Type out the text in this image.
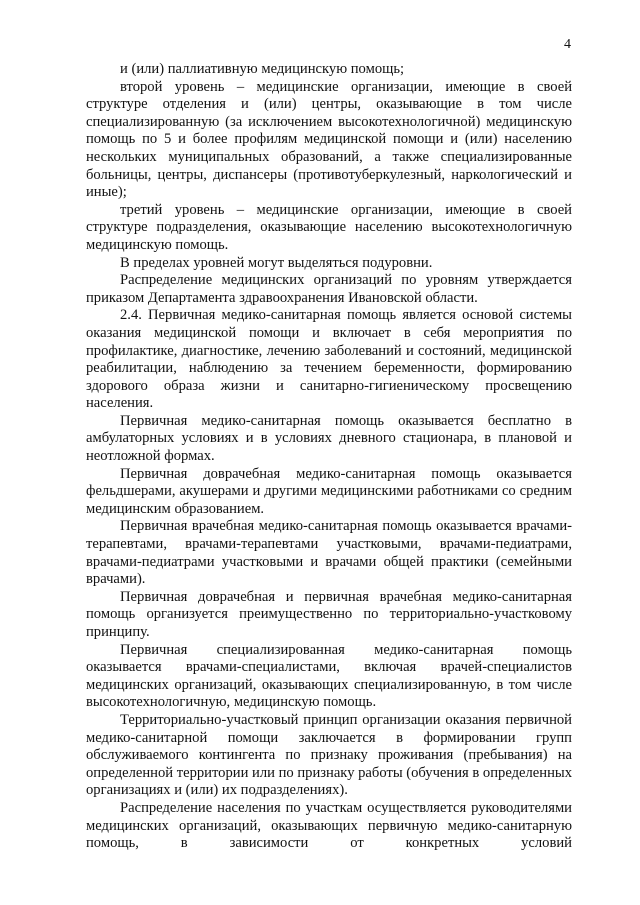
4

и (или) паллиативную медицинскую помощь;

второй уровень – медицинские организации, имеющие в своей структуре отделения и (или) центры, оказывающие в том числе специализированную (за исключением высокотехнологичной) медицинскую помощь по 5 и более профилям медицинской помощи и (или) населению нескольких муниципальных образований, а также специализированные больницы, центры, диспансеры (противотуберкулезный, наркологический и иные);

третий уровень – медицинские организации, имеющие в своей структуре подразделения, оказывающие населению высокотехнологичную медицинскую помощь.

В пределах уровней могут выделяться подуровни.

Распределение медицинских организаций по уровням утверждается приказом Департамента здравоохранения Ивановской области.

2.4. Первичная медико-санитарная помощь является основой системы оказания медицинской помощи и включает в себя мероприятия по профилактике, диагностике, лечению заболеваний и состояний, медицинской реабилитации, наблюдению за течением беременности, формированию здорового образа жизни и санитарно-гигиеническому просвещению населения.

Первичная медико-санитарная помощь оказывается бесплатно в амбулаторных условиях и в условиях дневного стационара, в плановой и неотложной формах.

Первичная доврачебная медико-санитарная помощь оказывается фельдшерами, акушерами и другими медицинскими работниками со средним медицинским образованием.

Первичная врачебная медико-санитарная помощь оказывается врачами-терапевтами, врачами-терапевтами участковыми, врачами-педиатрами, врачами-педиатрами участковыми и врачами общей практики (семейными врачами).

Первичная доврачебная и первичная врачебная медико-санитарная помощь организуется преимущественно по территориально-участковому принципу.

Первичная специализированная медико-санитарная помощь оказывается врачами-специалистами, включая врачей-специалистов медицинских организаций, оказывающих специализированную, в том числе высокотехнологичную, медицинскую помощь.

Территориально-участковый принцип организации оказания первичной медико-санитарной помощи заключается в формировании групп обслуживаемого контингента по признаку проживания (пребывания) на определенной территории или по признаку работы (обучения в определенных организациях и (или) их подразделениях).

Распределение населения по участкам осуществляется руководителями медицинских организаций, оказывающих первичную медико-санитарную помощь, в зависимости от конкретных условий
